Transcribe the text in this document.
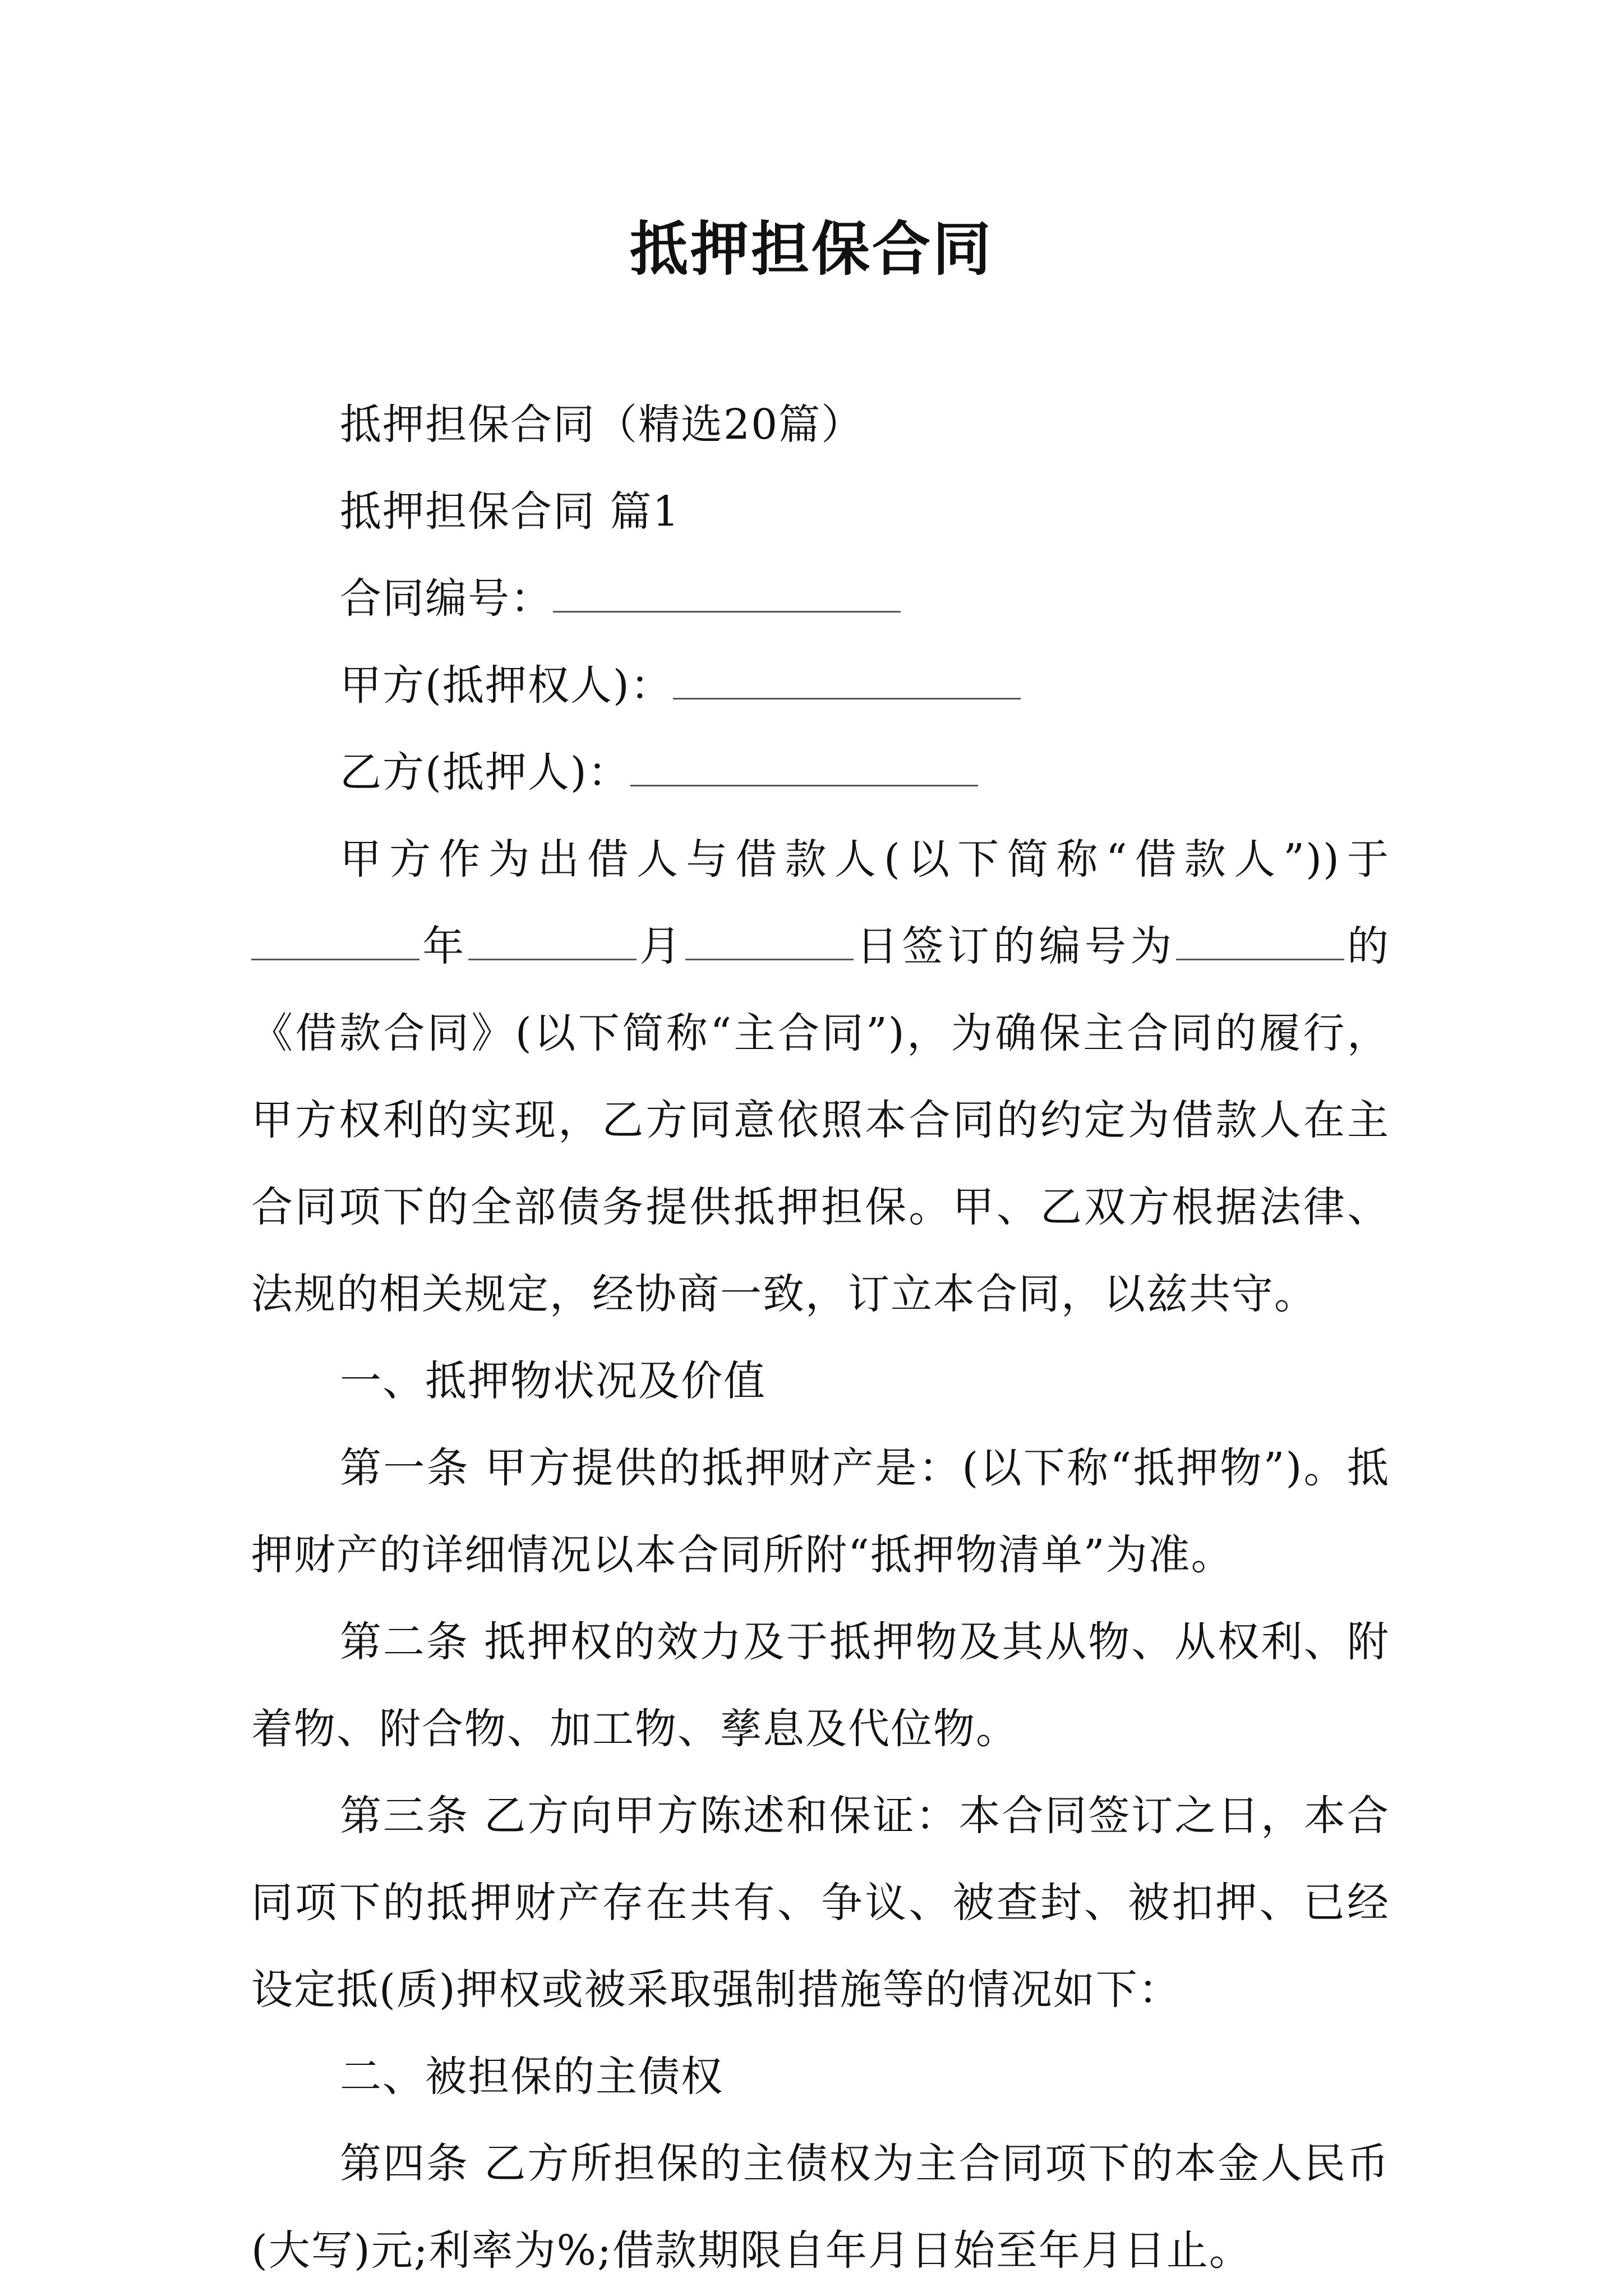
抵押担保合同

抵押担保合同（精选20篇）

抵押担保合同 篇1

合同编号：

甲方(抵押权人)：

乙方(抵押人)：

甲方作为出借人与借款人(以下简称“借款人”))于年	月	日签订的编号为	的《借款合同》(以下简称“主合同”)，为确保主合同的履行，甲方权利的实现，乙方同意依照本合同的约定为借款人在主合同项下的全部债务提供抵押担保。甲、乙双方根据法律、法规的相关规定，经协商一致，订立本合同，以兹共守。

一、抵押物状况及价值

第一条 甲方提供的抵押财产是：(以下称“抵押物”)。抵押财产的详细情况以本合同所附“抵押物清单”为准。

第二条 抵押权的效力及于抵押物及其从物、从权利、附着物、附合物、加工物、孳息及代位物。

第三条 乙方向甲方陈述和保证：本合同签订之日，本合同项下的抵押财产存在共有、争议、被查封、被扣押、已经设定抵(质)押权或被采取强制措施等的情况如下：

二、被担保的主债权

第四条 乙方所担保的主债权为主合同项下的本金人民币(大写)元;利率为%;借款期限自年月日始至年月日止。
